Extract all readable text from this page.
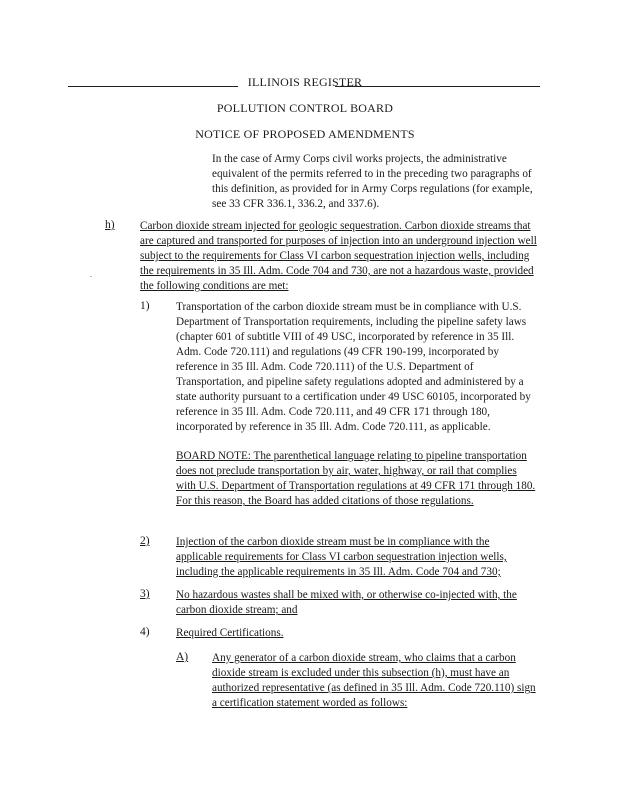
ILLINOIS REGISTER
POLLUTION CONTROL BOARD
NOTICE OF PROPOSED AMENDMENTS
In the case of Army Corps civil works projects, the administrative equivalent of the permits referred to in the preceding two paragraphs of this definition, as provided for in Army Corps regulations (for example, see 33 CFR 336.1, 336.2, and 337.6).
h) Carbon dioxide stream injected for geologic sequestration. Carbon dioxide streams that are captured and transported for purposes of injection into an underground injection well subject to the requirements for Class VI carbon sequestration injection wells, including the requirements in 35 Ill. Adm. Code 704 and 730, are not a hazardous waste, provided the following conditions are met:
.
1) Transportation of the carbon dioxide stream must be in compliance with U.S. Department of Transportation requirements, including the pipeline safety laws (chapter 601 of subtitle VIII of 49 USC, incorporated by reference in 35 Ill. Adm. Code 720.111) and regulations (49 CFR 190-199, incorporated by reference in 35 Ill. Adm. Code 720.111) of the U.S. Department of Transportation, and pipeline safety regulations adopted and administered by a state authority pursuant to a certification under 49 USC 60105, incorporated by reference in 35 Ill. Adm. Code 720.111, and 49 CFR 171 through 180, incorporated by reference in 35 Ill. Adm. Code 720.111, as applicable.
BOARD NOTE: The parenthetical language relating to pipeline transportation does not preclude transportation by air, water, highway, or rail that complies with U.S. Department of Transportation regulations at 49 CFR 171 through 180. For this reason, the Board has added citations of those regulations.
2) Injection of the carbon dioxide stream must be in compliance with the applicable requirements for Class VI carbon sequestration injection wells, including the applicable requirements in 35 Ill. Adm. Code 704 and 730;
3) No hazardous wastes shall be mixed with, or otherwise co-injected with, the carbon dioxide stream; and
4) Required Certifications.
A) Any generator of a carbon dioxide stream, who claims that a carbon dioxide stream is excluded under this subsection (h), must have an authorized representative (as defined in 35 Ill. Adm. Code 720.110) sign a certification statement worded as follows:
